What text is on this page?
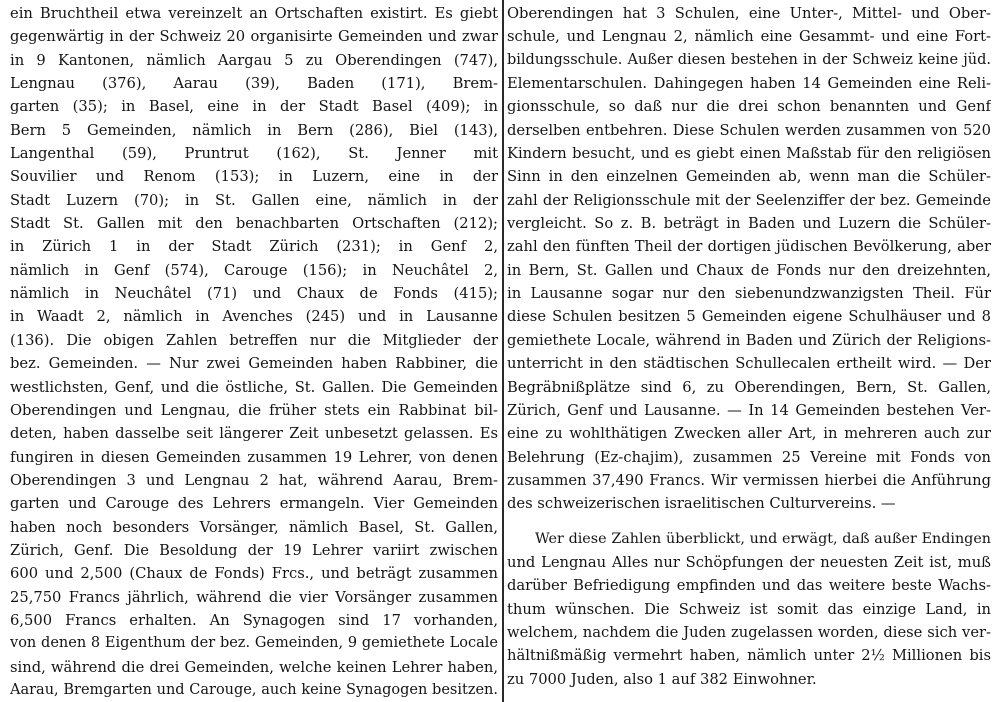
ein Bruchtheil etwa vereinzelt an Ortschaften existirt. Es giebt
gegenwärtig in der Schweiz 20 organisirte Gemeinden und zwar
in 9 Kantonen, nämlich Aargau 5 zu Oberendingen (747),
Lengnau (376), Aarau (39), Baden (171), Brem-
garten (35); in Basel, eine in der Stadt Basel (409); in
Bern 5 Gemeinden, nämlich in Bern (286), Biel (143),
Langenthal (59), Pruntrut (162), St. Jenner mit
Souvilier und Renom (153); in Luzern, eine in der
Stadt Luzern (70); in St. Gallen eine, nämlich in der
Stadt St. Gallen mit den benachbarten Ortschaften (212);
in Zürich 1 in der Stadt Zürich (231); in Genf 2,
nämlich in Genf (574), Carouge (156); in Neuchâtel 2,
nämlich in Neuchâtel (71) und Chaux de Fonds (415);
in Waadt 2, nämlich in Avenches (245) und in Lausanne
(136). Die obigen Zahlen betreffen nur die Mitglieder der
bez. Gemeinden. — Nur zwei Gemeinden haben Rabbiner, die
westlichsten, Genf, und die östliche, St. Gallen. Die Gemeinden
Oberendingen und Lengnau, die früher stets ein Rabbinat bil-
deten, haben dasselbe seit längerer Zeit unbesetzt gelassen. Es
fungiren in diesen Gemeinden zusammen 19 Lehrer, von denen
Oberendingen 3 und Lengnau 2 hat, während Aarau, Brem-
garten und Carouge des Lehrers ermangeln. Vier Gemeinden
haben noch besonders Vorsänger, nämlich Basel, St. Gallen,
Zürich, Genf. Die Besoldung der 19 Lehrer variirt zwischen
600 und 2,500 (Chaux de Fonds) Frcs., und beträgt zusammen
25,750 Francs jährlich, während die vier Vorsänger zusammen
6,500 Francs erhalten. An Synagogen sind 17 vorhanden,
von denen 8 Eigenthum der bez. Gemeinden, 9 gemiethete Locale
sind, während die drei Gemeinden, welche keinen Lehrer haben,
Aarau, Bremgarten und Carouge, auch keine Synagogen besitzen.
Oberendingen hat 3 Schulen, eine Unter-, Mittel- und Ober-
schule, und Lengnau 2, nämlich eine Gesammt- und eine Fort-
bildungsschule. Außer diesen bestehen in der Schweiz keine jüd.
Elementarschulen. Dahingegen haben 14 Gemeinden eine Reli-
gionsschule, so daß nur die drei schon benannten und Genf
derselben entbehren. Diese Schulen werden zusammen von 520
Kindern besucht, und es giebt einen Maßstab für den religiösen
Sinn in den einzelnen Gemeinden ab, wenn man die Schüler-
zahl der Religionsschule mit der Seelenziffer der bez. Gemeinde
vergleicht. So z. B. beträgt in Baden und Luzern die Schüler-
zahl den fünften Theil der dortigen jüdischen Bevölkerung, aber
in Bern, St. Gallen und Chaux de Fonds nur den dreizehnten,
in Lausanne sogar nur den siebenundzwanzigsten Theil. Für
diese Schulen besitzen 5 Gemeinden eigene Schulhäuser und 8
gemiethete Locale, während in Baden und Zürich der Religions-
unterricht in den städtischen Schullecalen ertheilt wird. — Der
Begräbnißplätze sind 6, zu Oberendingen, Bern, St. Gallen,
Zürich, Genf und Lausanne. — In 14 Gemeinden bestehen Ver-
eine zu wohlthätigen Zwecken aller Art, in mehreren auch zur
Belehrung (Ez-chajim), zusammen 25 Vereine mit Fonds von
zusammen 37,490 Francs. Wir vermissen hierbei die Anführung
des schweizerischen israelitischen Culturvereins. —
Wer diese Zahlen überblickt, und erwägt, daß außer Endingen
und Lengnau Alles nur Schöpfungen der neuesten Zeit ist, muß
darüber Befriedigung empfinden und das weitere beste Wachs-
thum wünschen. Die Schweiz ist somit das einzige Land, in
welchem, nachdem die Juden zugelassen worden, diese sich ver-
hältnißmäßig vermehrt haben, nämlich unter 2½ Millionen bis
zu 7000 Juden, also 1 auf 382 Einwohner.
